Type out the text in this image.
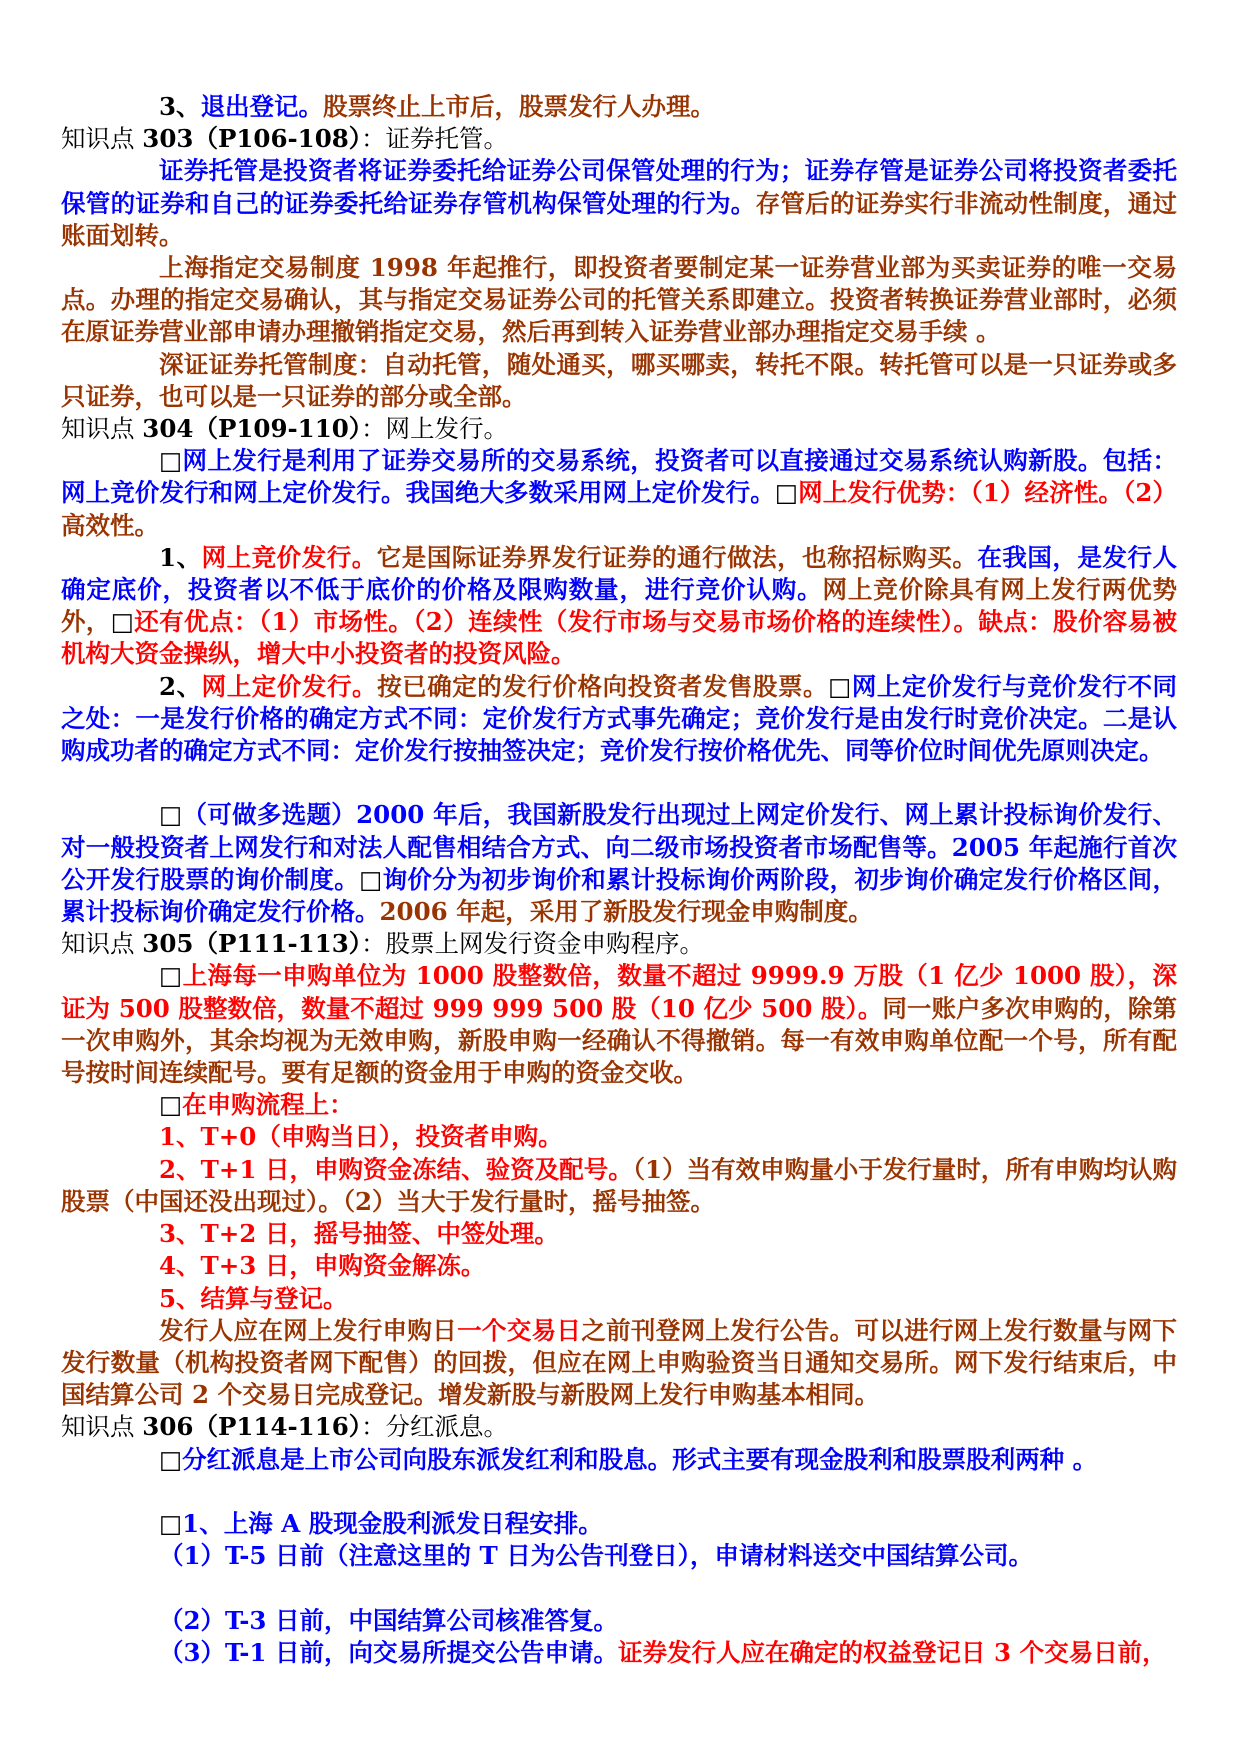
3、退出登记。股票终止上市后，股票发行人办理。

知识点 303（P106-108）：证券托管。

证券托管是投资者将证券委托给证券公司保管处理的行为；证券存管是证券公司将投资者委托保管的证券和自己的证券委托给证券存管机构保管处理的行为。存管后的证券实行非流动性制度，通过账面划转。

上海指定交易制度 1998 年起推行，即投资者要制定某一证券营业部为买卖证券的唯一交易点。办理的指定交易确认，其与指定交易证券公司的托管关系即建立。投资者转换证券营业部时，必须在原证券营业部申请办理撤销指定交易，然后再到转入证券营业部办理指定交易手续 。

深证证券托管制度：自动托管，随处通买，哪买哪卖，转托不限。转托管可以是一只证券或多只证券，也可以是一只证券的部分或全部。

知识点 304（P109-110）：网上发行。

□网上发行是利用了证券交易所的交易系统，投资者可以直接通过交易系统认购新股。包括：网上竞价发行和网上定价发行。我国绝大多数采用网上定价发行。□网上发行优势：（1）经济性。（2）高效性。

1、网上竞价发行。它是国际证券界发行证券的通行做法，也称招标购买。在我国，是发行人确定底价，投资者以不低于底价的价格及限购数量，进行竞价认购。网上竞价除具有网上发行两优势外，□还有优点：（1）市场性。（2）连续性（发行市场与交易市场价格的连续性）。缺点：股价容易被机构大资金操纵，增大中小投资者的投资风险。

2、网上定价发行。按已确定的发行价格向投资者发售股票。□网上定价发行与竞价发行不同之处：一是发行价格的确定方式不同：定价发行方式事先确定；竞价发行是由发行时竞价决定。二是认购成功者的确定方式不同：定价发行按抽签决定；竞价发行按价格优先、同等价位时间优先原则决定。

□（可做多选题）2000 年后，我国新股发行出现过上网定价发行、网上累计投标询价发行、对一般投资者上网发行和对法人配售相结合方式、向二级市场投资者市场配售等。2005 年起施行首次公开发行股票的询价制度。□询价分为初步询价和累计投标询价两阶段，初步询价确定发行价格区间，累计投标询价确定发行价格。2006 年起，采用了新股发行现金申购制度。

知识点 305（P111-113）：股票上网发行资金申购程序。

□上海每一申购单位为 1000 股整数倍，数量不超过 9999.9 万股（1 亿少 1000 股），深证为 500 股整数倍，数量不超过 999 999 500 股（10 亿少 500 股）。同一账户多次申购的，除第一次申购外，其余均视为无效申购，新股申购一经确认不得撤销。每一有效申购单位配一个号，所有配号按时间连续配号。要有足额的资金用于申购的资金交收。

□在申购流程上：

1、T+0（申购当日），投资者申购。

2、T+1 日，申购资金冻结、验资及配号。（1）当有效申购量小于发行量时，所有申购均认购股票（中国还没出现过）。（2）当大于发行量时，摇号抽签。

3、T+2 日，摇号抽签、中签处理。

4、T+3 日，申购资金解冻。

5、结算与登记。

发行人应在网上发行申购日一个交易日之前刊登网上发行公告。可以进行网上发行数量与网下发行数量（机构投资者网下配售）的回拨，但应在网上申购验资当日通知交易所。网下发行结束后，中国结算公司 2 个交易日完成登记。增发新股与新股网上发行申购基本相同。

知识点 306（P114-116）：分红派息。

□分红派息是上市公司向股东派发红利和股息。形式主要有现金股利和股票股利两种 。

□1、上海 A 股现金股利派发日程安排。

（1）T-5 日前（注意这里的 T 日为公告刊登日），申请材料送交中国结算公司。

（2）T-3 日前，中国结算公司核准答复。

（3）T-1 日前，向交易所提交公告申请。证券发行人应在确定的权益登记日 3 个交易日前，
